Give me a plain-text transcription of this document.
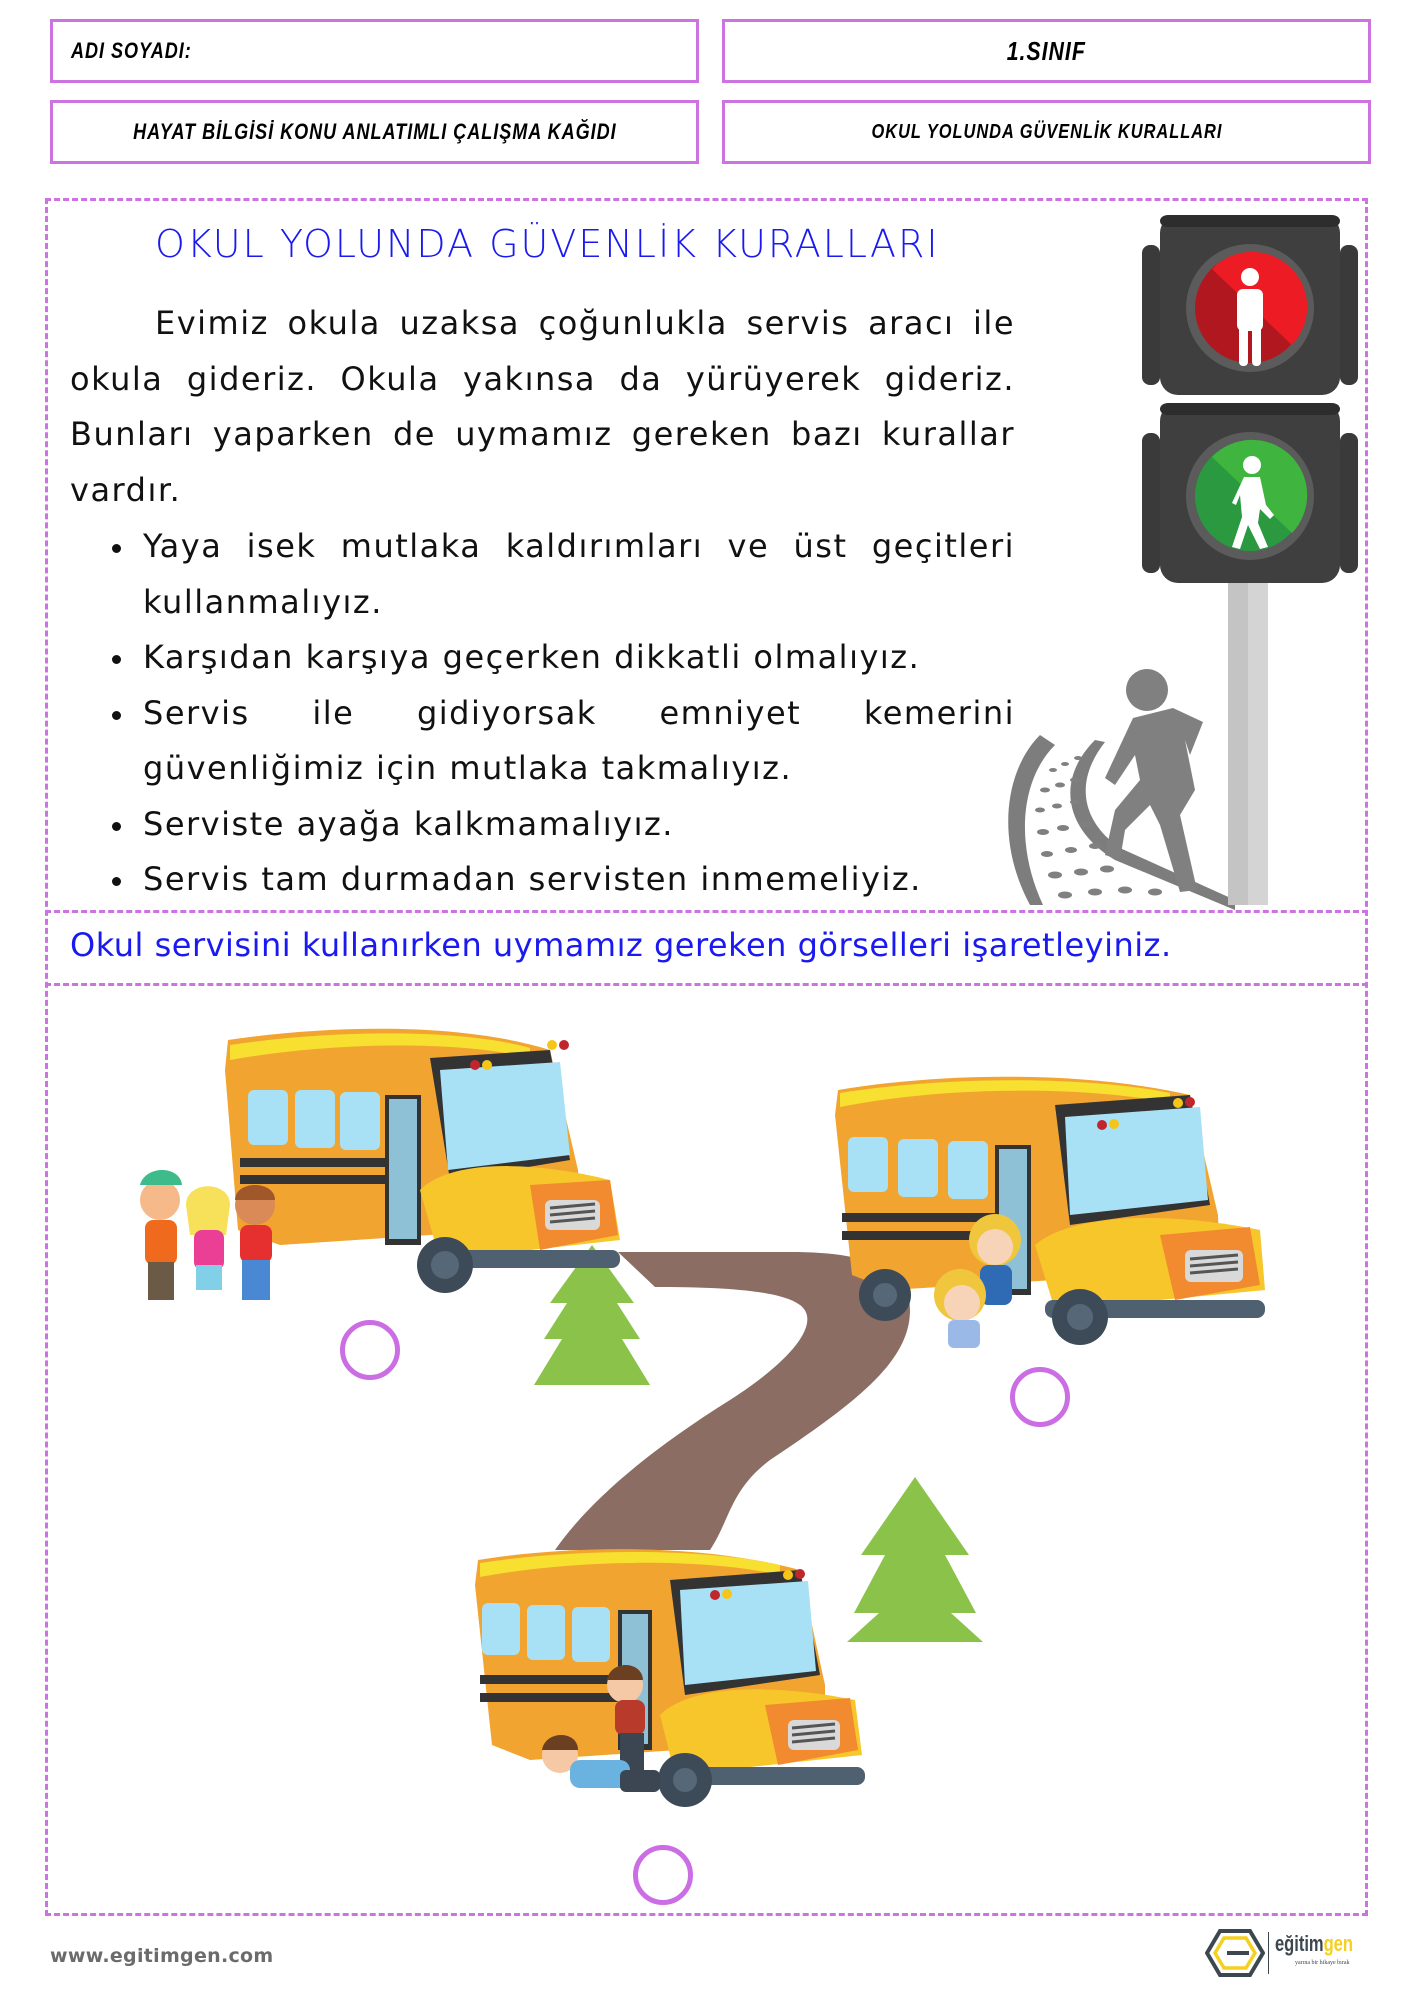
ADI SOYADI:	1.SINIF
HAYAT BİLGİSİ KONU ANLATIMLI ÇALIŞMA KAĞIDI	OKUL YOLUNDA GÜVENLİK KURALLARI
OKUL YOLUNDA GÜVENLİK KURALLARI
Evimiz okula uzaksa çoğunlukla servis aracı ile okula gideriz. Okula yakınsa da yürüyerek gideriz. Bunları yaparken de uymamız gereken bazı kurallar vardır.
Yaya isek mutlaka kaldırımları ve üst geçitleri kullanmalıyız.
Karşıdan karşıya geçerken dikkatli olmalıyız.
Servis ile gidiyorsak emniyet kemerini güvenliğimiz için mutlaka takmalıyız.
Serviste ayağa kalkmamalıyız.
Servis tam durmadan servisten inmemeliyiz.
Okul servisini kullanırken uymamız gereken görselleri işaretleyiniz.
www.egitimgen.com	eğitimgen
yarına bir hikaye bırak
